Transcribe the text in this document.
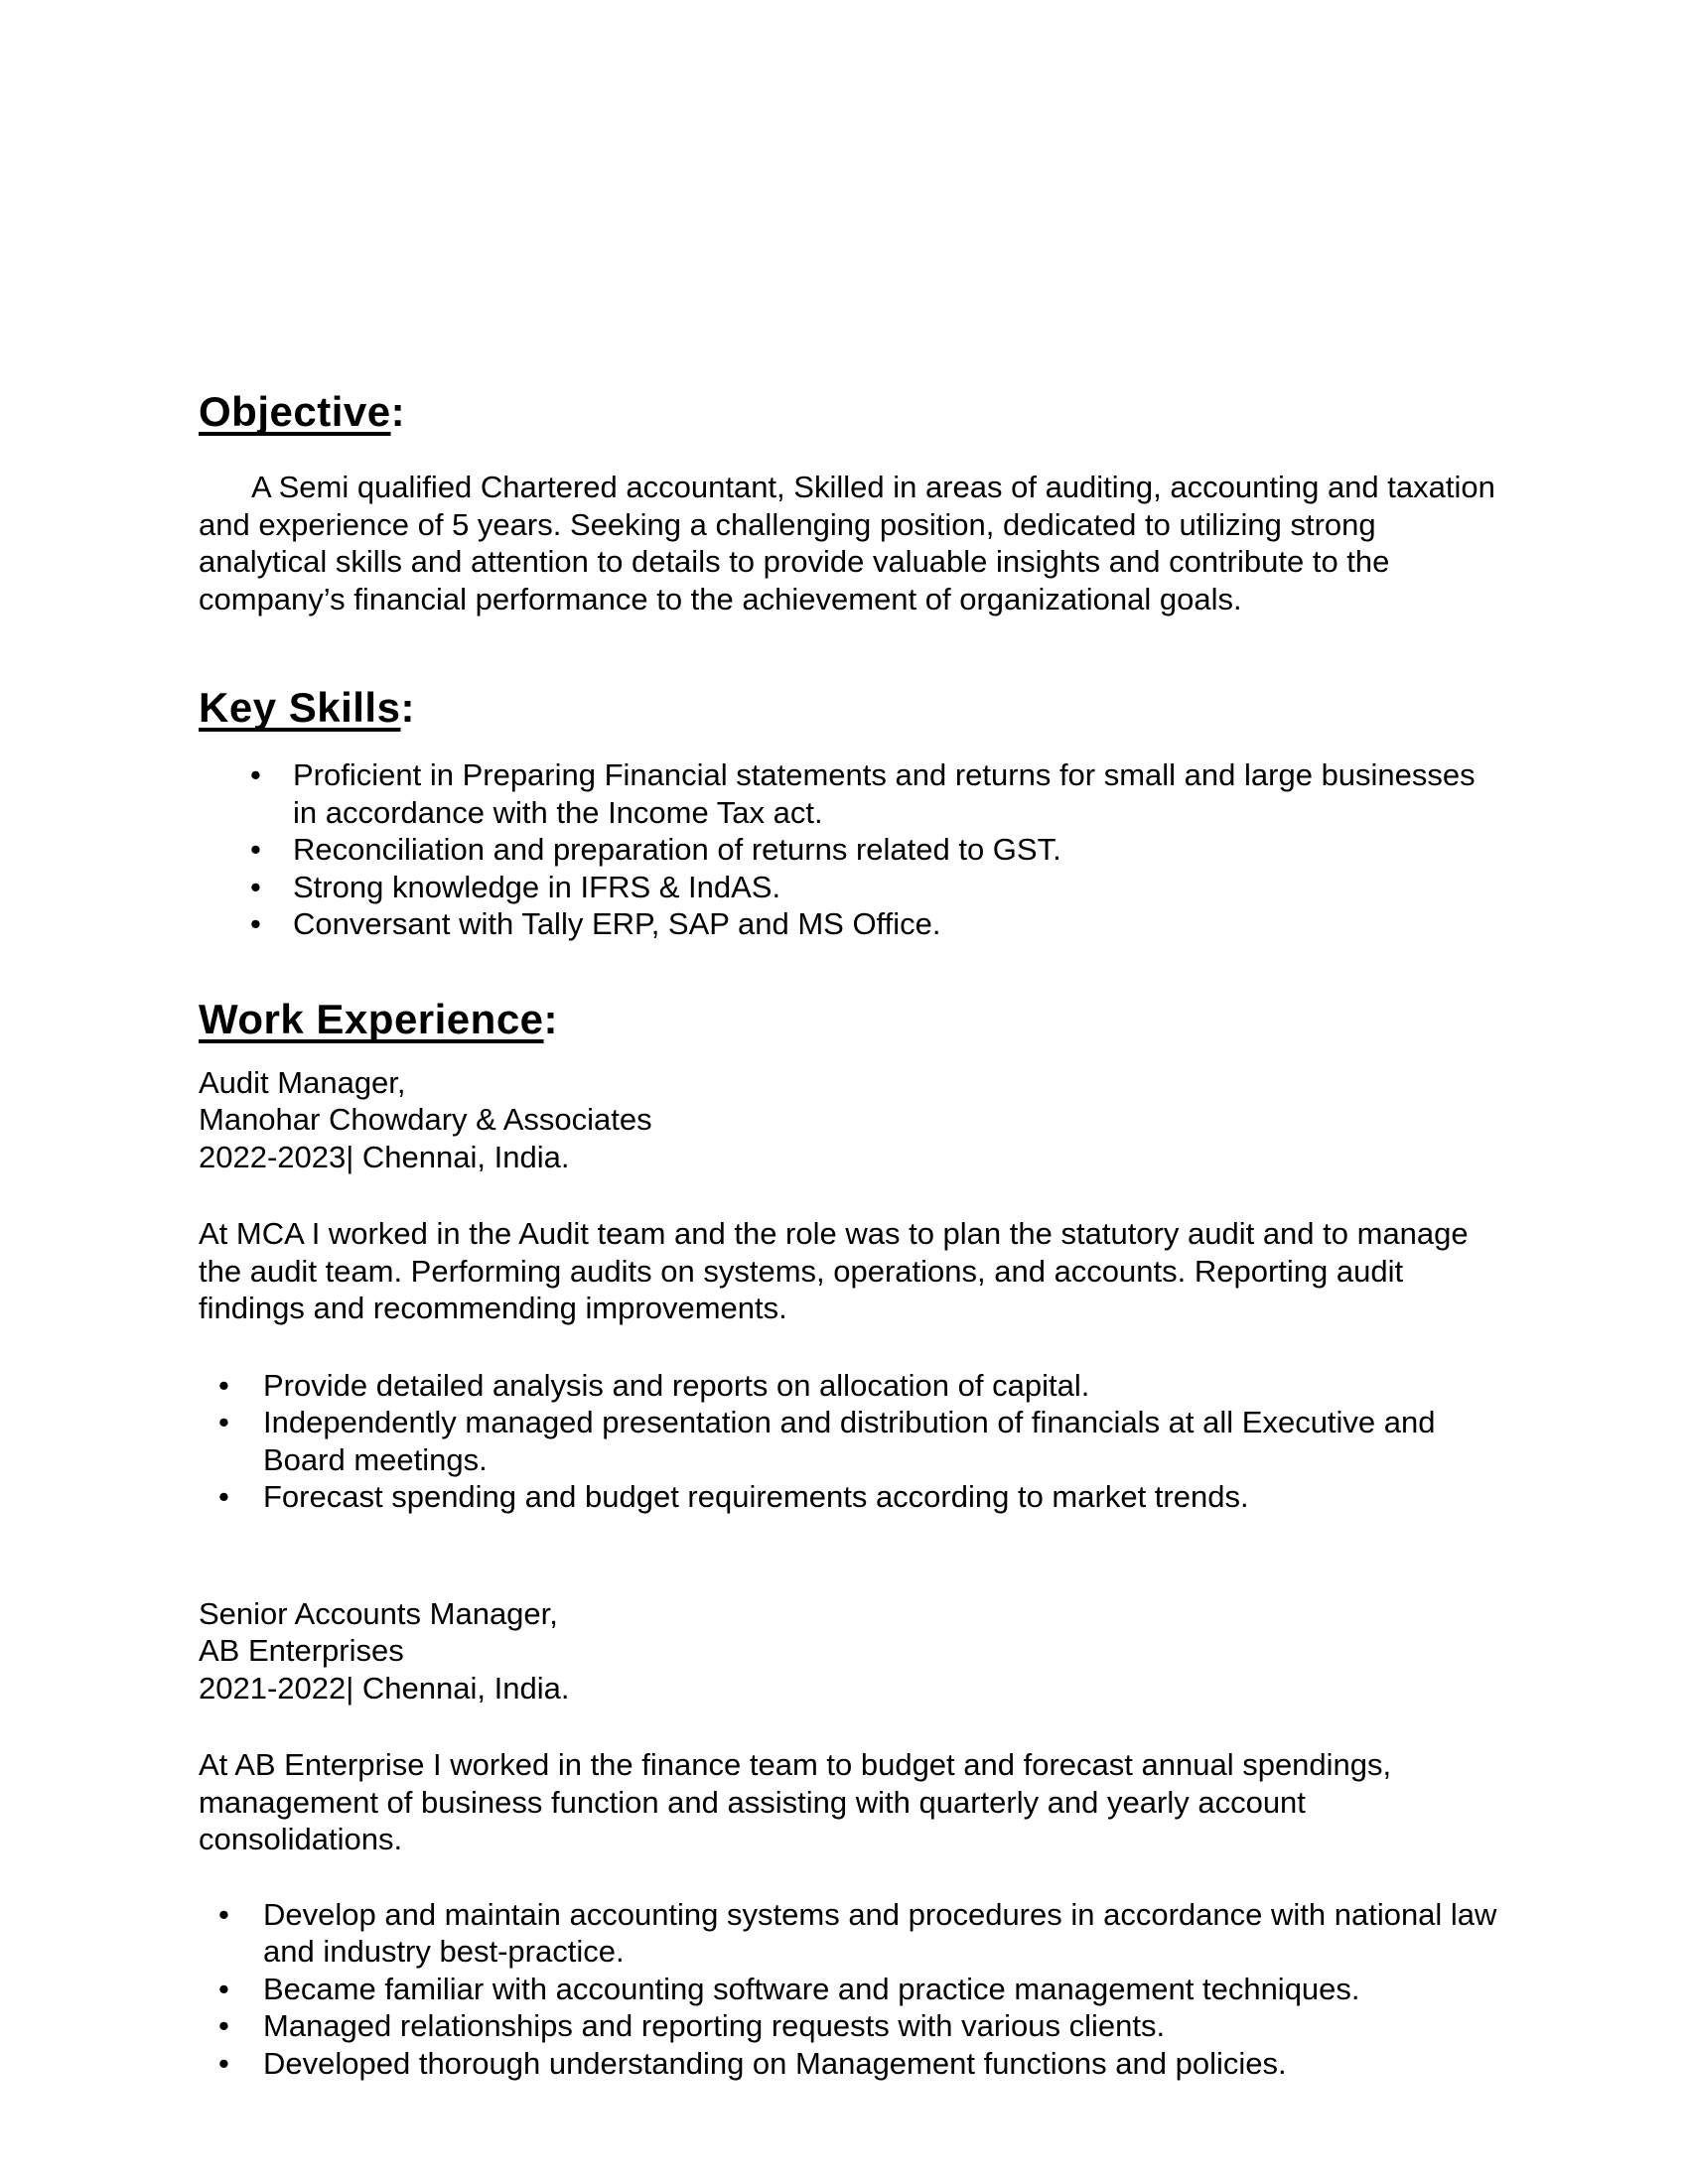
Objective:

A Semi qualified Chartered accountant, Skilled in areas of auditing, accounting and taxation and experience of 5 years. Seeking a challenging position, dedicated to utilizing strong analytical skills and attention to details to provide valuable insights and contribute to the company’s financial performance to the achievement of organizational goals.

Key Skills:
• Proficient in Preparing Financial statements and returns for small and large businesses in accordance with the Income Tax act.
• Reconciliation and preparation of returns related to GST.
• Strong knowledge in IFRS & IndAS.
• Conversant with Tally ERP, SAP and MS Office.
Work Experience:

Audit Manager,

Manohar Chowdary & Associates

2022-2023| Chennai, India.

At MCA I worked in the Audit team and the role was to plan the statutory audit and to manage the audit team. Performing audits on systems, operations, and accounts. Reporting audit findings and recommending improvements.

• Provide detailed analysis and reports on allocation of capital.
• Independently managed presentation and distribution of financials at all Executive and Board meetings.
• Forecast spending and budget requirements according to market trends.

Senior Accounts Manager,

AB Enterprises

2021-2022| Chennai, India.

At AB Enterprise I worked in the finance team to budget and forecast annual spendings, management of business function and assisting with quarterly and yearly account consolidations.

• Develop and maintain accounting systems and procedures in accordance with national law and industry best-practice.
• Became familiar with accounting software and practice management techniques.
• Managed relationships and reporting requests with various clients.
• Developed thorough understanding on Management functions and policies.
